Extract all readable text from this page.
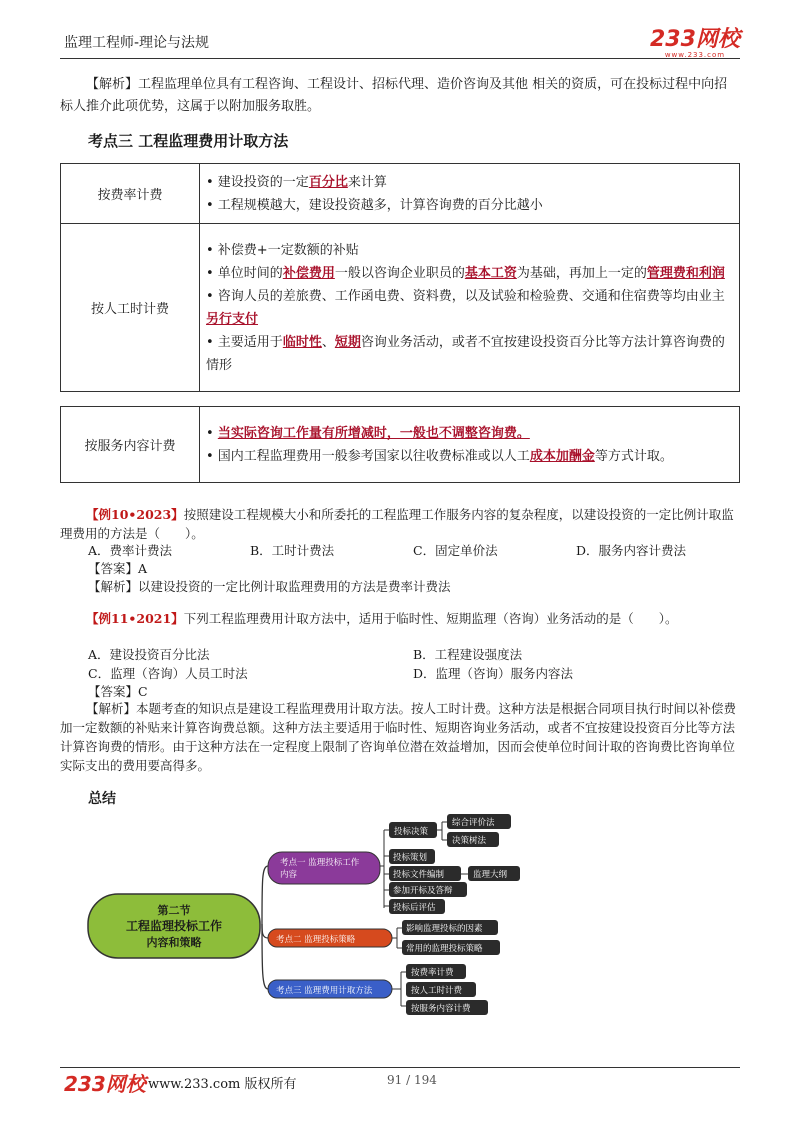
监理工程师-理论与法规	233网校
www.233.com
【解析】工程监理单位具有工程咨询、工程设计、招标代理、造价咨询及其他 相关的资质，可在投标过程中向招标人推介此项优势，这属于以附加服务取胜。
考点三 工程监理费用计取方法
按费率计费	• 建设投资的一定百分比来计算
• 工程规模越大，建设投资越多，计算咨询费的百分比越小

按人工时计费	• 补偿费+一定数额的补贴
• 单位时间的补偿费用一般以咨询企业职员的基本工资为基础，再加上一定的管理费和利润
• 咨询人员的差旅费、工作函电费、资料费，以及试验和检验费、交通和住宿费等均由业主另行支付
• 主要适用于临时性、短期咨询业务活动，或者不宜按建设投资百分比等方法计算咨询费的情形
按服务内容计费	
• 当实际咨询工作量有所增减时，一般也不调整咨询费。
• 国内工程监理费用一般参考国家以往收费标准或以人工成本加酬金等方式计取。
【例10•2023】按照建设工程规模大小和所委托的工程监理工作服务内容的复杂程度，以建设投资的一定比例计取监理费用的方法是（　　）。
A．费率计费法	B．工时计费法	C．固定单价法	D．服务内容计费法
【答案】A
【解析】以建设投资的一定比例计取监理费用的方法是费率计费法
【例11•2021】下列工程监理费用计取方法中，适用于临时性、短期监理（咨询）业务活动的是（　　）。
A．建设投资百分比法	B．工程建设强度法
C．监理（咨询）人员工时法	D．监理（咨询）服务内容法
【答案】C
【解析】本题考查的知识点是建设工程监理费用计取方法。按人工时计费。这种方法是根据合同项目执行时间以补偿费加一定数额的补贴来计算咨询费总额。这种方法主要适用于临时性、短期咨询业务活动，或者不宜按建设投资百分比等方法计算咨询费的情形。由于这种方法在一定程度上限制了咨询单位潜在效益增加，因而会使单位时间计取的咨询费比咨询单位实际支出的费用要高得多。
总结
第二节
工程监理投标工作
内容和策略
考点一 监理投标工作
内容
投标决策
综合评价法
决策树法
投标策划
投标文件编制	监理大纲
参加开标及答辩
投标后评估
考点二 监理投标策略
影响监理投标的因素
常用的监理投标策略
考点三 监理费用计取方法
按费率计费
按人工时计费
按服务内容计费
233网校 www.233.com 版权所有	91 / 194
